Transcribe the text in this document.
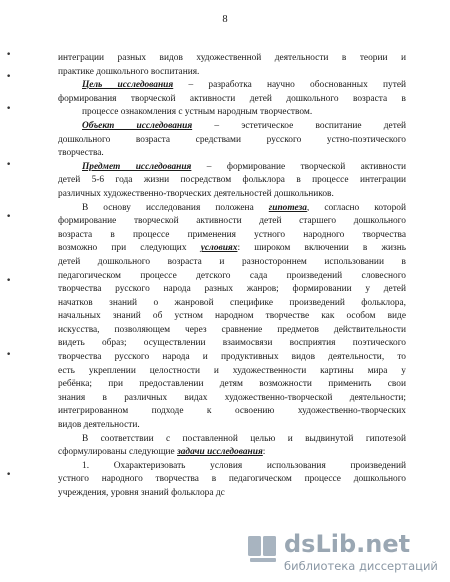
8
•
•
•
•
•
•
•
•
интеграции разных видов художественной деятельности в теории и
практике дошкольного воспитания.
Цель исследования – разработка научно обоснованных путей
формирования творческой активности детей дошкольного возраста в
процессе ознакомления с устным народным творчеством.
Объект исследования – эстетическое воспитание детей
дошкольного возраста средствами русского устно-поэтического
творчества.
Предмет исследования – формирование творческой активности
детей 5-6 года жизни посредством фольклора в процессе интеграции
различных художественно-творческих деятельностей дошкольников.
В основу исследования положена гипотеза, согласно которой
формирование творческой активности детей старшего дошкольного
возраста в процессе применения устного народного творчества
возможно при следующих условиях: широком включении в жизнь
детей дошкольного возраста и разностороннем использовании в
педагогическом процессе детского сада произведений словесного
творчества русского народа разных жанров; формировании у детей
начатков знаний о жанровой специфике произведений фольклора,
начальных знаний об устном народном творчестве как особом виде
искусства, позволяющем через сравнение предметов действительности
видеть образ; осуществлении взаимосвязи восприятия поэтического
творчества русского народа и продуктивных видов деятельности, то
есть укреплении целостности и художественности картины мира у
ребёнка; при предоставлении детям возможности применить свои
знания в различных видах художественно-творческой деятельности;
интегрированном подходе к освоению художественно-творческих
видов деятельности.
В соответствии с поставленной целью и выдвинутой гипотезой
сформулированы следующие задачи исследования:
1. Охарактеризовать условия использования произведений
устного народного творчества в педагогическом процессе дошкольного
учреждения, уровня знаний фольклора дс
dsLib.net
библиотека диссертаций
